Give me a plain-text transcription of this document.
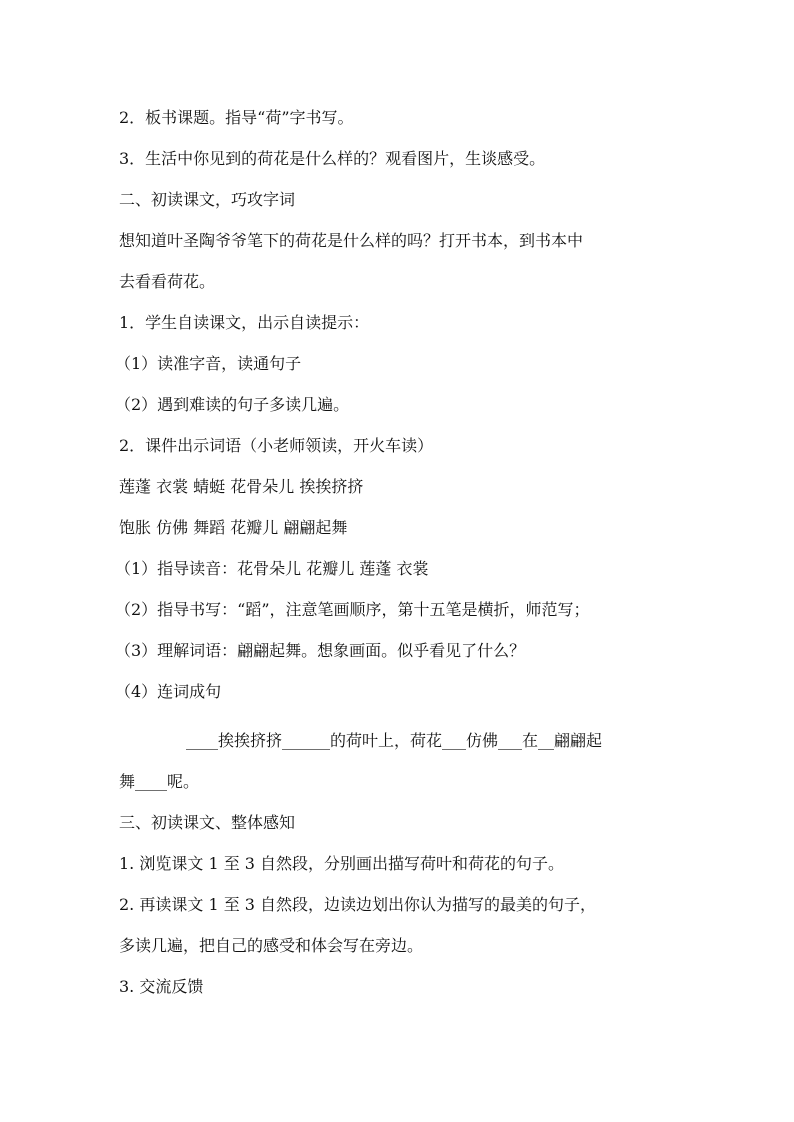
2．板书课题。指导“荷”字书写。
3．生活中你见到的荷花是什么样的？观看图片，生谈感受。
二、初读课文，巧攻字词
想知道叶圣陶爷爷笔下的荷花是什么样的吗？打开书本，到书本中
去看看荷花。
1．学生自读课文，出示自读提示：
（1）读准字音，读通句子
（2）遇到难读的句子多读几遍。
2．课件出示词语（小老师领读，开火车读）
莲蓬 衣裳 蜻蜓 花骨朵儿 挨挨挤挤
饱胀 仿佛 舞蹈 花瓣儿 翩翩起舞
（1）指导读音：花骨朵儿 花瓣儿 莲蓬 衣裳
（2）指导书写：“蹈”，注意笔画顺序，第十五笔是横折，师范写；
（3）理解词语：翩翩起舞。想象画面。似乎看见了什么？
（4）连词成句
____挨挨挤挤______的荷叶上，荷花___仿佛___在__翩翩起
舞____呢。
三、初读课文、整体感知
1. 浏览课文 1 至 3 自然段，分别画出描写荷叶和荷花的句子。
2. 再读课文 1 至 3 自然段，边读边划出你认为描写的最美的句子，
多读几遍，把自己的感受和体会写在旁边。
3. 交流反馈
